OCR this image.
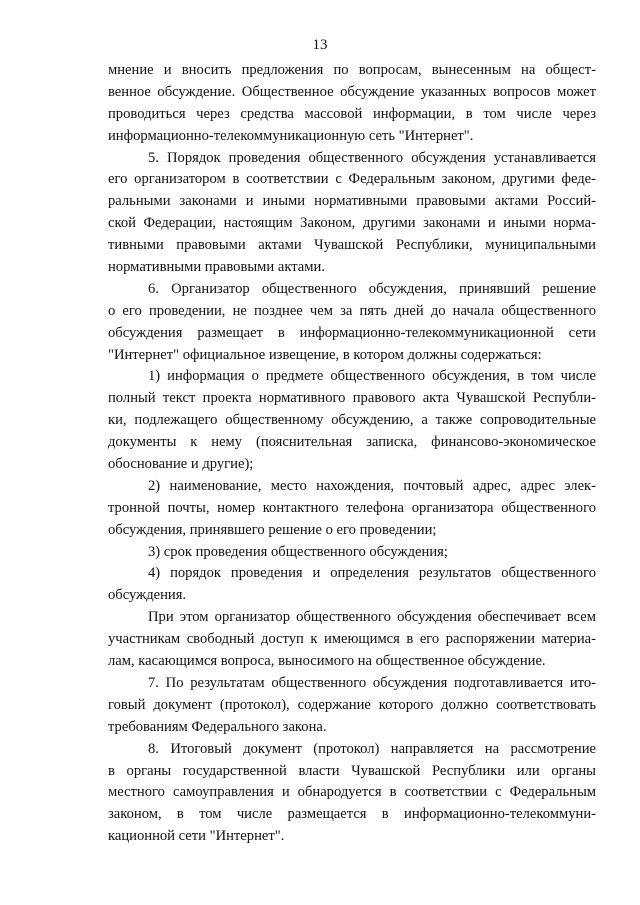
13
мнение и вносить предложения по вопросам, вынесенным на общест-
венное обсуждение. Общественное обсуждение указанных вопросов может
проводиться через средства массовой информации, в том числе через
информационно-телекоммуникационную сеть "Интернет".
5. Порядок проведения общественного обсуждения устанавливается
его организатором в соответствии с Федеральным законом, другими феде-
ральными законами и иными нормативными правовыми актами Россий-
ской Федерации, настоящим Законом, другими законами и иными норма-
тивными правовыми актами Чувашской Республики, муниципальными
нормативными правовыми актами.
6. Организатор общественного обсуждения, принявший решение
о его проведении, не позднее чем за пять дней до начала общественного
обсуждения размещает в информационно-телекоммуникационной сети
"Интернет" официальное извещение, в котором должны содержаться:
1) информация о предмете общественного обсуждения, в том числе
полный текст проекта нормативного правового акта Чувашской Республи-
ки, подлежащего общественному обсуждению, а также сопроводительные
документы к нему (пояснительная записка, финансово-экономическое
обоснование и другие);
2) наименование, место нахождения, почтовый адрес, адрес элек-
тронной почты, номер контактного телефона организатора общественного
обсуждения, принявшего решение о его проведении;
3) срок проведения общественного обсуждения;
4) порядок проведения и определения результатов общественного
обсуждения.
При этом организатор общественного обсуждения обеспечивает всем
участникам свободный доступ к имеющимся в его распоряжении материа-
лам, касающимся вопроса, выносимого на общественное обсуждение.
7. По результатам общественного обсуждения подготавливается ито-
говый документ (протокол), содержание которого должно соответствовать
требованиям Федерального закона.
8. Итоговый документ (протокол) направляется на рассмотрение
в органы государственной власти Чувашской Республики или органы
местного самоуправления и обнародуется в соответствии с Федеральным
законом, в том числе размещается в информационно-телекоммуни-
кационной сети "Интернет".
